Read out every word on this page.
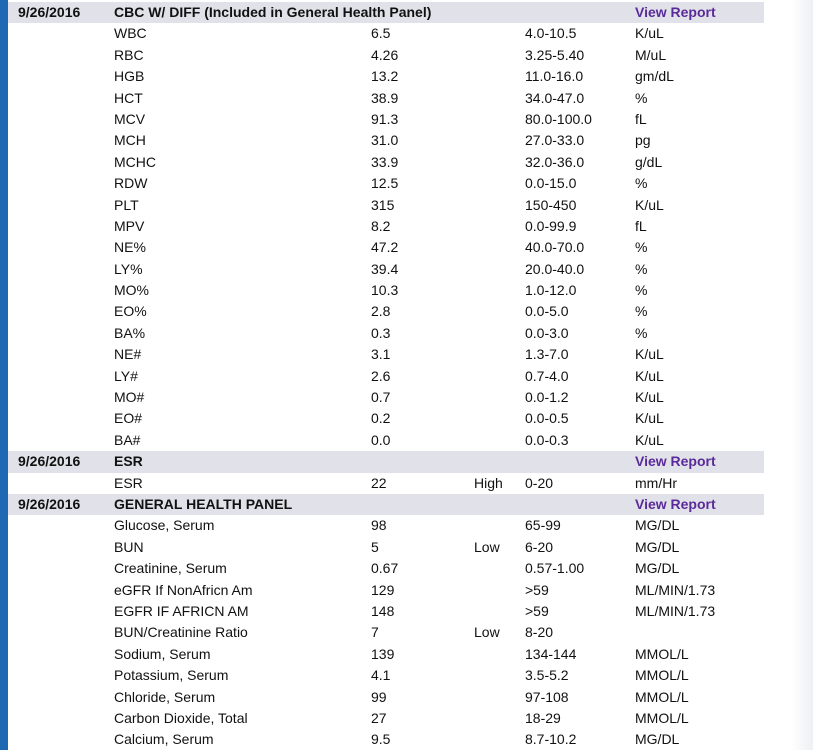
9/26/2016 CBC W/ DIFF (Included in General Health Panel)	View Report
WBC	6.5	4.0-10.5	K/uL
RBC	4.26	3.25-5.40	M/uL
HGB	13.2	11.0-16.0	gm/dL
HCT	38.9	34.0-47.0	%
MCV	91.3	80.0-100.0	fL
MCH	31.0	27.0-33.0	pg
MCHC	33.9	32.0-36.0	g/dL
RDW	12.5	0.0-15.0	%
PLT	315	150-450	K/uL
MPV	8.2	0.0-99.9	fL
NE%	47.2	40.0-70.0	%
LY%	39.4	20.0-40.0	%
MO%	10.3	1.0-12.0	%
EO%	2.8	0.0-5.0	%
BA%	0.3	0.0-3.0	%
NE#	3.1	1.3-7.0	K/uL
LY#	2.6	0.7-4.0	K/uL
MO#	0.7	0.0-1.2	K/uL
EO#	0.2	0.0-0.5	K/uL
BA#	0.0	0.0-0.3	K/uL
9/26/2016 ESR	View Report
ESR	22	High 0-20	mm/Hr
9/26/2016 GENERAL HEALTH PANEL	View Report
Glucose, Serum	98	65-99	MG/DL
BUN	5	Low 6-20	MG/DL
Creatinine, Serum	0.67	0.57-1.00	MG/DL
eGFR If NonAfricn Am	129	>59	ML/MIN/1.73
EGFR IF AFRICN AM	148	>59	ML/MIN/1.73
BUN/Creatinine Ratio	7	Low 8-20
Sodium, Serum	139	134-144	MMOL/L
Potassium, Serum	4.1	3.5-5.2	MMOL/L
Chloride, Serum	99	97-108	MMOL/L
Carbon Dioxide, Total	27	18-29	MMOL/L
Calcium, Serum	9.5	8.7-10.2	MG/DL
